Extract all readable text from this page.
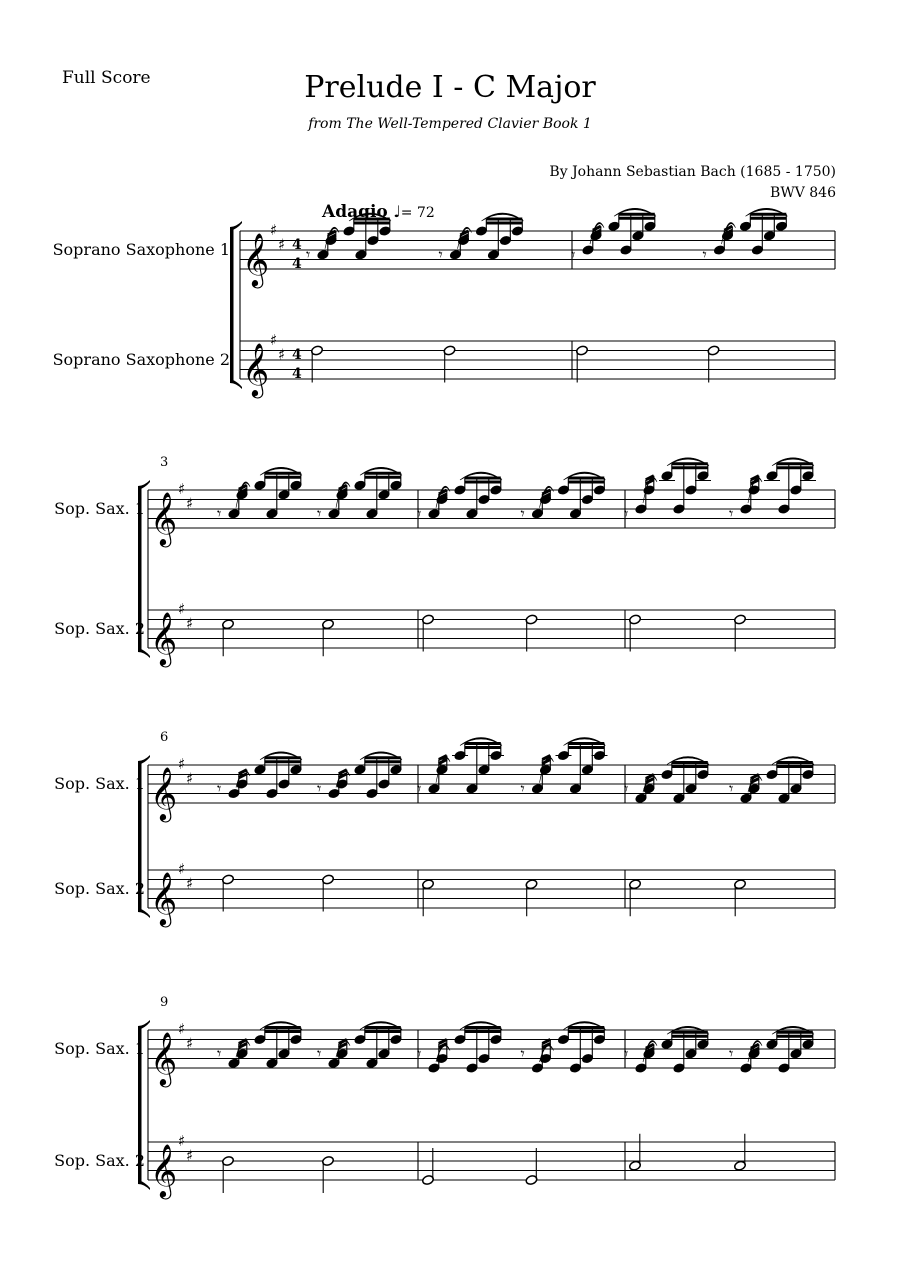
Full Score	Prelude I - C Major
from The Well-Tempered Clavier Book 1
By Johann Sebastian Bach (1685 - 1750)
BWV 846
Adagio ♩= 72
𝄞
♯
♯ 4
4
𝄞
♯
♯ 4
4
Soprano Saxophone 1
Soprano Saxophone 2
𝄾	𝄾	𝄾	𝄾
𝄞
♯
♯
𝄞
♯
♯
Sop. Sax. 1
Sop. Sax. 2
3
𝄾	𝄾	𝄾	𝄾	𝄾	𝄾
𝄞
♯
♯
𝄞
♯
♯
Sop. Sax. 1
Sop. Sax. 2
6
𝄾	𝄾	𝄾	𝄾	𝄾	𝄾
𝄞
♯
♯
𝄞
♯
♯
Sop. Sax. 1
Sop. Sax. 2
9
𝄾	𝄾	𝄾	𝄾	𝄾	𝄾
